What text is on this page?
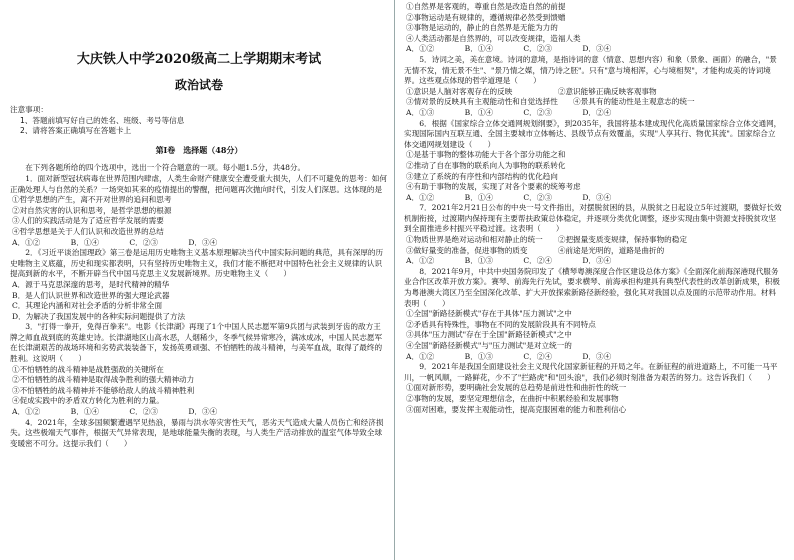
大庆铁人中学2020级高二上学期期末考试
政治试卷
注意事项：
1、答题前填写好自己的姓名、班级、考号等信息
2、请将答案正确填写在答题卡上
第Ⅰ卷　选择题（48分）
在下列各题所给的四个选项中，选出一个符合题意的一项。每小题1.5分，共48分。
1．面对新型冠状病毒在世界范围内肆虐，人类生命财产健康安全遭受重大损失，人们不可避免的思考：如何正确处理人与自然的关系？一场突如其来的疫情提出的警醒，把问题再次抛向时代，引发人们深思。这体现的是
①哲学思想的产生，离不开对世界的追问和思考
②对自然灾害的认识和思考，是哲学思想的根源
③人们的实践活动是为了适应哲学发展的需要
④哲学思想是关于人们认识和改造世界的总结
A．①②　　　　B．①④　　　　C．②③　　　　D．③④
2．《习近平谈治国理政》第三卷是运用历史唯物主义基本原理解决当代中国实际问题的典范，具有深厚的历史唯物主义底蕴，历史和现实都表明，只有坚持历史唯物主义，我们才能不断把对中国特色社会主义规律的认识提高到新的水平，不断开辟当代中国马克思主义发展新境界。历史唯物主义（　　）
A．源于马克思深邃的思考，是时代精神的精华
B．是人们认识世界和改造世界的强大理论武器
C．其理论内涵和对社会矛盾的分析非常全面
D．为解决了我国发展中的各种实际问题提供了方法
3．"打得一拳开，免得百拳来"。电影《长津湖》再现了1个中国人民志愿军第9兵团与武装到牙齿的敌方王牌之师血战到底的英雄史诗。长津湖地区山高水恶，人烟稀少，冬季气候异常寒冷，满冰成冰，中国人民志愿军在长津湖艰苦的战场环境和劣势武装装备下，发扬英勇顽强、不怕牺牲的战斗精神，与美军血战，取得了最终的胜利。这说明（　　）
①不怕牺牲的战斗精神是战胜强敌的关键所在
②不怕牺牲的战斗精神是取得战争胜利的强大精神动力
③不怕牺牲的战斗精神并不能够给敌人的战斗精神胜利
④促成实践中的矛盾双方转化为胜利的力量。
A．①②　　　　B．①④　　　　C．②③　　　　D．③④
4．2021年，全球多国频繁遭遇罕见热浪，暴雨与洪水等灾害性天气，恶劣天气造成大量人员伤亡和经济损失。这些极端天气事件，根据天气异常表现，是地球能量失衡的表现，与人类生产活动排放的温室气体导致全球变暖密不可分。这提示我们（　　）
①自然界是客观的，尊重自然是改造自然的前提
②事物运动是有规律的，遵循规律必然受到馈赠
③事物是运动的，静止的自然界是无能为力的
④人类活动都是自然界的，可以改变规律，造福人类
A．①②　　　　B．①④　　　　C．②③　　　　D．③④
5．诗词之美，美在意境。诗词的意境，是指诗词的意（情意、思想内容）和象（景象、画面）的融合，"景无情不发，情无景不生"、"景乃情之媒，情乃诗之胚"。只有"意与境相浑，心与境相契"，才能构成美的诗词境界。这些观点体现的哲学道理是（　　）
①意识是人脑对客观存在的反映　　　　　　②意识能够正确反映客观事物
③情对景的反映具有主观能动性和自觉选择性　　④景具有的能动性是主观意志的统一
A．①③　　　　B．①④　　　　C．②③　　　　D．②④
6．根据《国家综合立体交通网规划纲要》，到2035年，我国将基本建成现代化高质量国家综合立体交通网，实现国际国内互联互通、全国主要城市立体畅达、县级节点有效覆盖，实现"人享其行、物优其流"。国家综合立体交通网规划建设（　　）
①是基于事物的整体功能大于各个部分功能之和
②推动了自在事物的联系向人为事物的联系转化
③建立了系统的有序性和内部结构的优化趋向
④有助于事物的发展，实现了对各个要素的统筹考虑
A．①②　　　　B．①④　　　　C．②③　　　　D．③④
7．2021年2月21日公布的中央一号文件指出，对摆脱贫困的县，从脱贫之日起设立5年过渡期，要做好长效机制衔接，过渡期内保持现有主要帮扶政策总体稳定，并逐项分类优化调整，逐步实现由集中资源支持脱贫攻坚到全面推进乡村振兴平稳过渡。这表明（　　）
①物质世界是绝对运动和相对静止的统一　　②把握量变质变规律，保持事物的稳定
③做好量变的准备，促进事物的质变　　　　④前途是光明的，道路是曲折的
A．①②　　　　B．①③　　　　C．②④　　　　D．③④
8．2021年9月，中共中央国务院印发了《横琴粤澳深度合作区建设总体方案》《全面深化前海深港现代服务业合作区改革开放方案》。赛琴、前海先行先试，要求横琴、前海承担构建具有典型代表性的改革创新成果，积极为粤港澳大湾区乃至全国深化改革、扩大开放探索新路径新经验，强化其对我国以点及面的示范带动作用。材料表明（　　）
①全国"新路径新模式"存在于具体"压力测试"之中
②矛盾具有特殊性，事物在不同的发展阶段具有不同特点
③具体"压力测试"存在于全国"新路径新模式"之中
④全国"新路径新模式"与"压力测试"是对立统一的
A．①②　　　　B．①③　　　　C．②④　　　　D．③④
9．2021年是我国全面建设社会主义现代化国家新征程的开局之年。在新征程的前进道路上，不可能一马平川，一帆风顺，一路鲜花，少不了"拦路虎"和"回头浪"，我们必须时刻准备为艰苦的努力。这告诉我们（　　）
①面对新形势，要明确社会发展的总趋势是前进性和曲折性的统一
②事物的发展，要坚定理想信念，在曲折中积累经验和发展事物
③面对困难，要发挥主观能动性，提高克服困难的能力和胜利信心
